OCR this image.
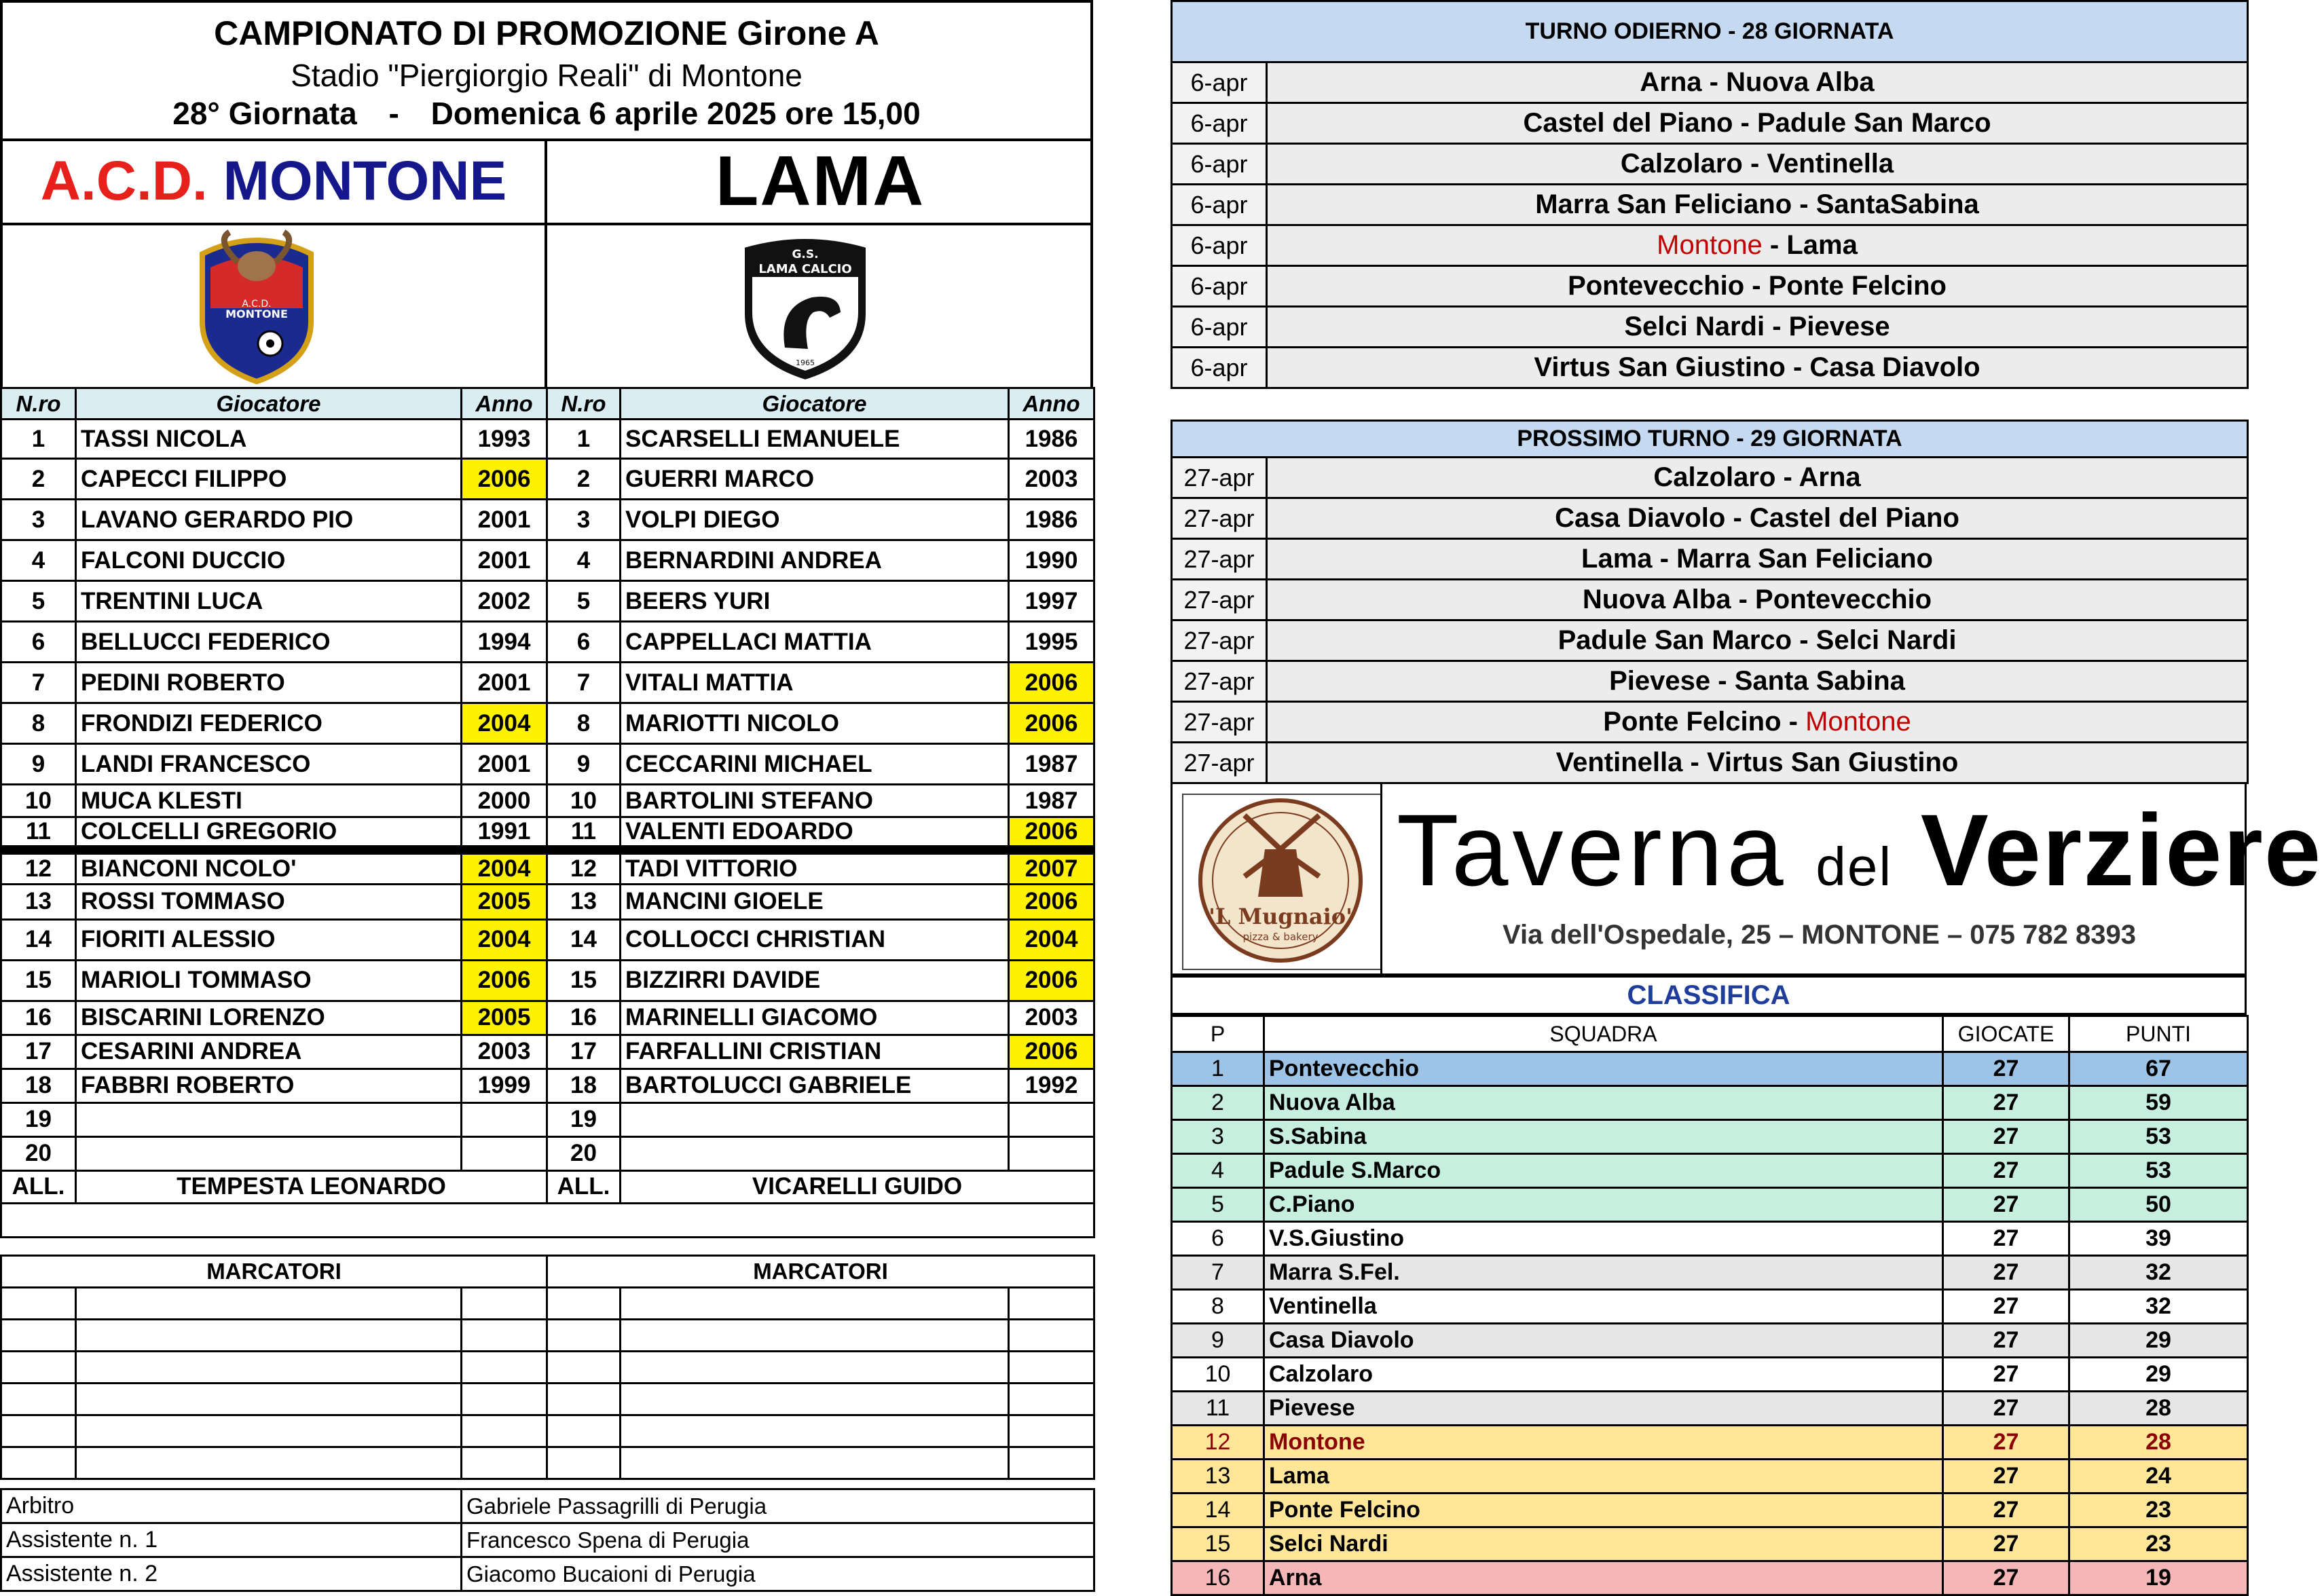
CAMPIONATO DI PROMOZIONE Girone A
Stadio "Piergiorgio Reali" di Montone
28° Giornata - Domenica 6 aprile 2025 ore 15,00
A.C.D.
MONTONE	LAMA
A.C.D.
MONTONE
G.S.
LAMA CALCIO
1965
N.ro	Giocatore	Anno	N.ro	Giocatore	Anno
1	TASSI NICOLA	1993	1	SCARSELLI EMANUELE	1986
2	CAPECCI FILIPPO	2006	2	GUERRI MARCO	2003
3	LAVANO GERARDO PIO	2001	3	VOLPI DIEGO	1986
4	FALCONI DUCCIO	2001	4	BERNARDINI ANDREA	1990
5	TRENTINI LUCA	2002	5	BEERS YURI	1997
6	BELLUCCI FEDERICO	1994	6	CAPPELLACI MATTIA	1995
7	PEDINI ROBERTO	2001	7	VITALI MATTIA	2006
8	FRONDIZI FEDERICO	2004	8	MARIOTTI NICOLO	2006
9	LANDI FRANCESCO	2001	9	CECCARINI MICHAEL	1987
10	MUCA KLESTI	2000	10	BARTOLINI STEFANO	1987
11	COLCELLI GREGORIO	1991	11	VALENTI EDOARDO	2006
12	BIANCONI NCOLO'	2004	12	TADI VITTORIO	2007
13	ROSSI TOMMASO	2005	13	MANCINI GIOELE	2006
14	FIORITI ALESSIO	2004	14	COLLOCCI CHRISTIAN	2004
15	MARIOLI TOMMASO	2006	15	BIZZIRRI DAVIDE	2006
16	BISCARINI LORENZO	2005	16	MARINELLI GIACOMO	2003
17	CESARINI ANDREA	2003	17	FARFALLINI CRISTIAN	2006
18	FABBRI ROBERTO	1999	18	BARTOLUCCI GABRIELE	1992
19			19		
20			20		
ALL.	TEMPESTA LEONARDO		ALL.	VICARELLI GUIDO	

MARCATORI			MARCATORI		

Arbitro	Gabriele Passagrilli di Perugia
Assistente n. 1	Francesco Spena di Perugia
Assistente n. 2	Giacomo Bucaioni di Perugia
TURNO ODIERNO - 28 GIORNATA	
6-apr	Arna - Nuova Alba
6-apr	Castel del Piano - Padule San Marco
6-apr	Calzolaro - Ventinella
6-apr	Marra San Feliciano - SantaSabina
6-apr	Montone - Lama
6-apr	Pontevecchio - Ponte Felcino
6-apr	Selci Nardi - Pievese
6-apr	Virtus San Giustino - Casa Diavolo
PROSSIMO TURNO - 29 GIORNATA	
27-apr	Calzolaro - Arna
27-apr	Casa Diavolo - Castel del Piano
27-apr	Lama - Marra San Feliciano
27-apr	Nuova Alba - Pontevecchio
27-apr	Padule San Marco - Selci Nardi
27-apr	Pievese - Santa Sabina
27-apr	Ponte Felcino - Montone
27-apr	Ventinella - Virtus San Giustino
'L Mugnaio'
pizza & bakery
Taverna del Verziere
Via dell'Ospedale, 25 – MONTONE – 075 782 8393
CLASSIFICA
P	SQUADRA	GIOCATE	PUNTI
1	Pontevecchio	27	67
2	Nuova Alba	27	59
3	S.Sabina	27	53
4	Padule S.Marco	27	53
5	C.Piano	27	50
6	V.S.Giustino	27	39
7	Marra S.Fel.	27	32
8	Ventinella	27	32
9	Casa Diavolo	27	29
10	Calzolaro	27	29
11	Pievese	27	28
12	Montone	27	28
13	Lama	27	24
14	Ponte Felcino	27	23
15	Selci Nardi	27	23
16	Arna	27	19
